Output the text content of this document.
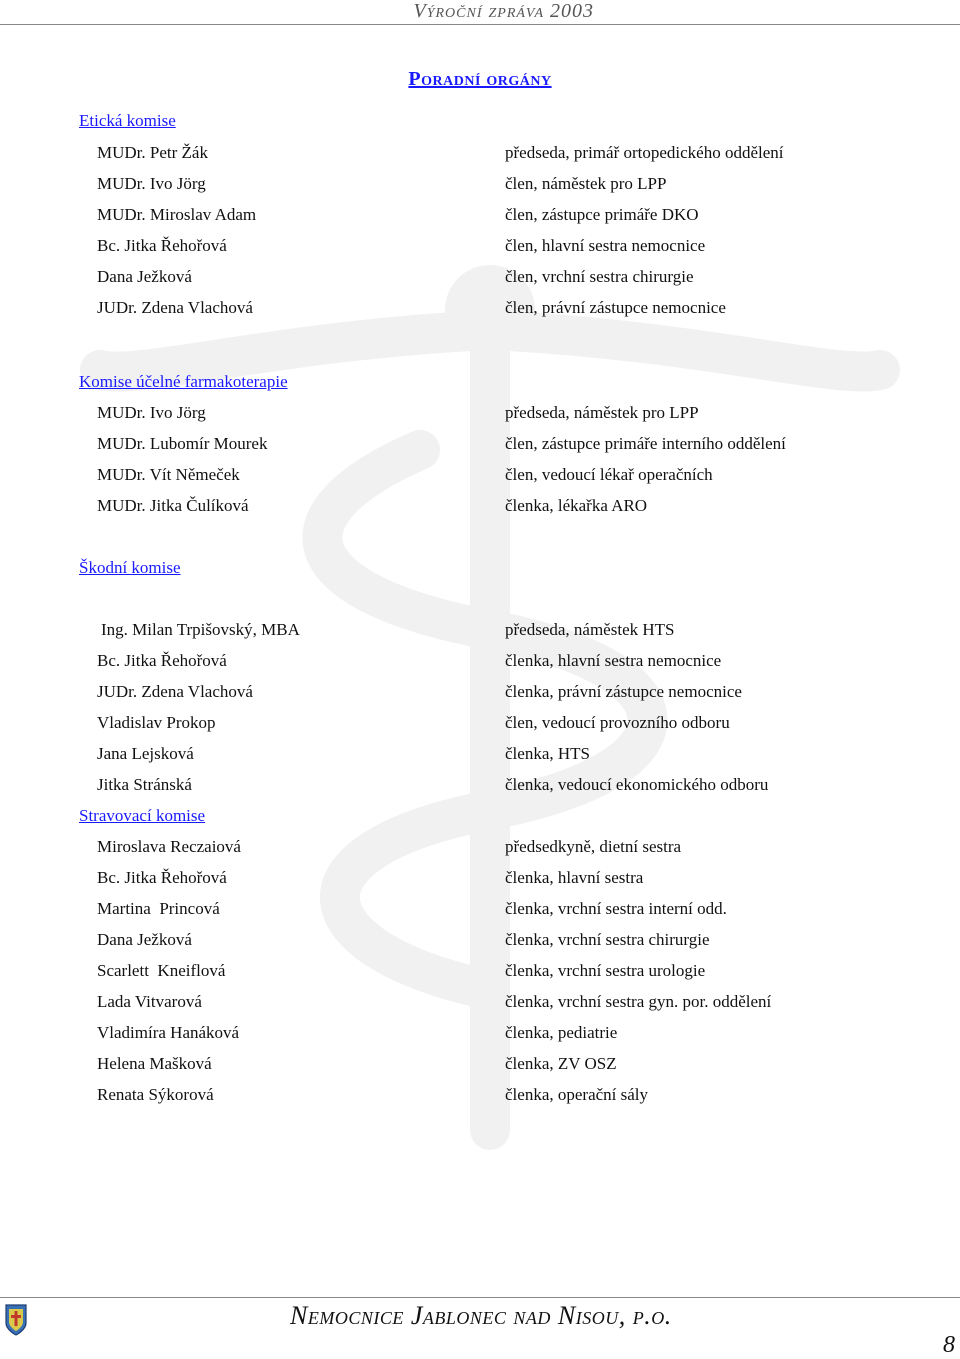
Výroční zpráva 2003
Poradní orgány
Etická komise
MUDr. Petr Žák	předseda, primář ortopedického oddělení
MUDr. Ivo Jörg	člen, náměstek pro LPP
MUDr. Miroslav Adam	člen, zástupce primáře DKO
Bc. Jitka Řehořová	člen, hlavní sestra nemocnice
Dana Ježková	člen, vrchní sestra chirurgie
JUDr. Zdena Vlachová	člen, právní zástupce nemocnice
Komise účelné farmakoterapie
MUDr. Ivo Jörg	předseda, náměstek pro LPP
MUDr. Lubomír Mourek	člen, zástupce primáře interního oddělení
MUDr. Vít Němeček	člen, vedoucí lékař operačních
MUDr. Jitka Čulíková	členka, lékařka ARO
Škodní komise
Ing. Milan Trpišovský, MBA	předseda, náměstek HTS
Bc. Jitka Řehořová	členka, hlavní sestra nemocnice
JUDr. Zdena Vlachová	členka, právní zástupce nemocnice
Vladislav Prokop	člen, vedoucí provozního odboru
Jana Lejsková	členka, HTS
Jitka Stránská	členka, vedoucí ekonomického odboru
Stravovací komise
Miroslava Reczaiová	předsedkyně, dietní sestra
Bc. Jitka Řehořová	členka, hlavní sestra
Martina  Princová	členka, vrchní sestra interní odd.
Dana Ježková	členka, vrchní sestra chirurgie
Scarlett  Kneiflová	členka, vrchní sestra urologie
Lada Vitvarová	členka, vrchní sestra gyn. por. oddělení
Vladimíra Hanáková	členka, pediatrie
Helena Mašková	členka, ZV OSZ
Renata Sýkorová	členka, operační sály
Nemocnice Jablonec nad Nisou, p.o.
8
